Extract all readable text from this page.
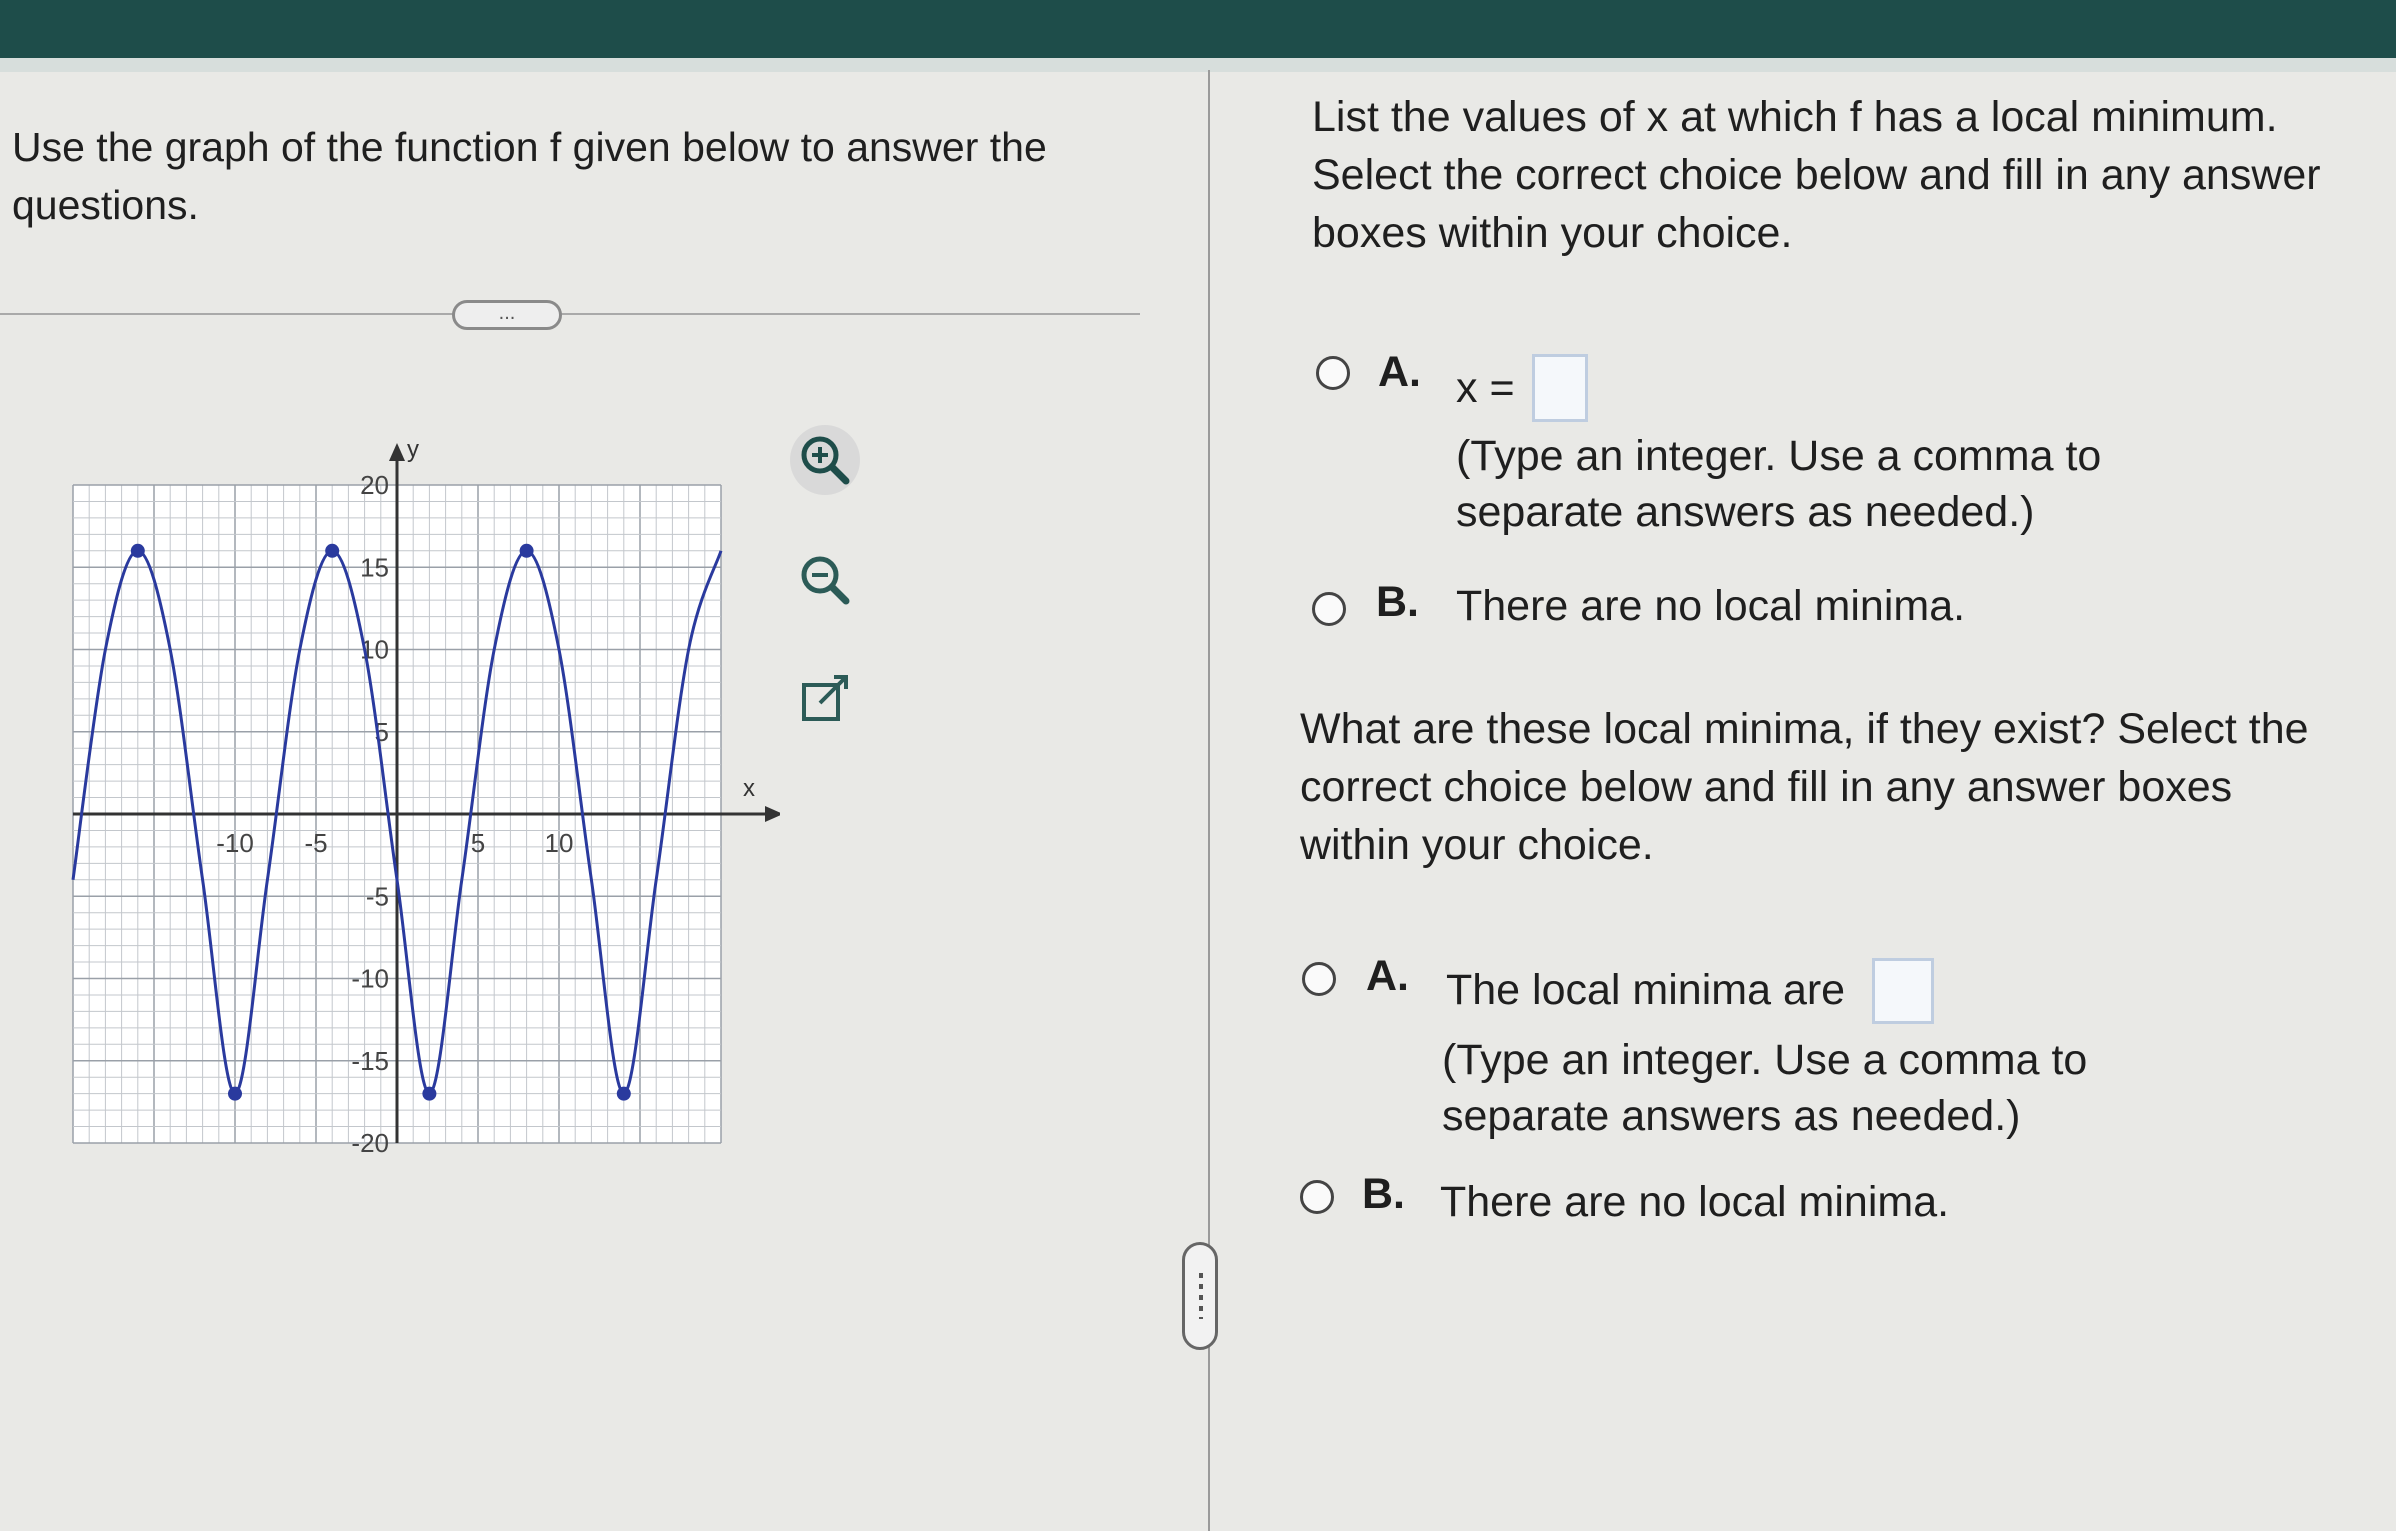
Use the graph of the function f given below to answer the questions.
...
-10 -5	5 10
20
15
10
5
-5
-10
-15
-20
x
y
List the values of x at which f has a local minimum. Select the correct choice below and fill in any answer boxes within your choice.
A. x =
(Type an integer. Use a comma to separate answers as needed.)
B. There are no local minima.
What are these local minima, if they exist? Select the correct choice below and fill in any answer boxes within your choice.
A. The local minima are
(Type an integer. Use a comma to separate answers as needed.)
B. There are no local minima.
